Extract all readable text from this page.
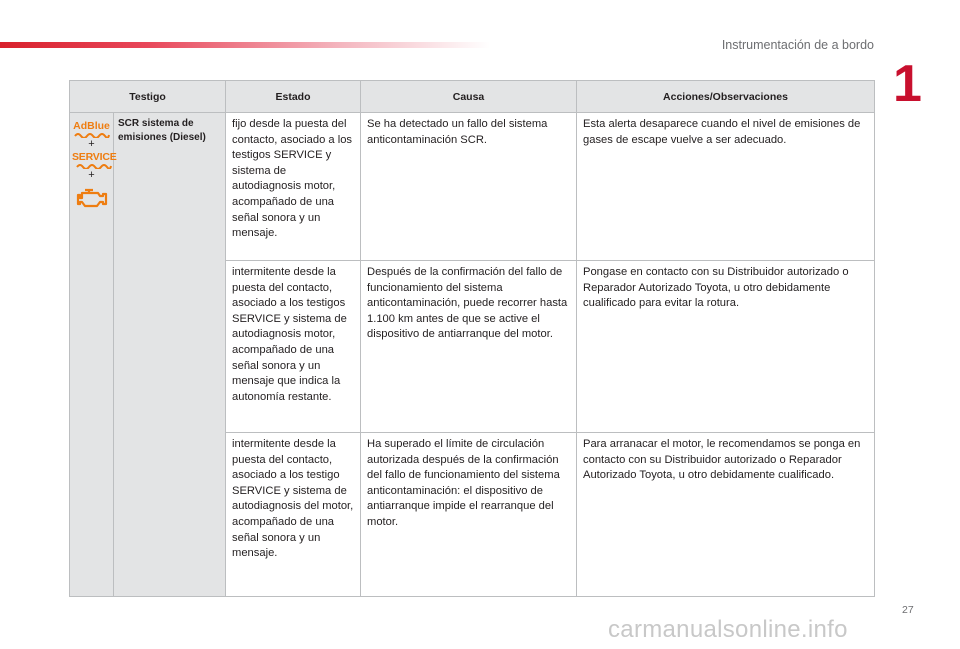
Instrumentación de a bordo
1
Testigo		Estado	Causa	Acciones/Observaciones
AdBlue
+
SERVICE
+	SCR sistema de emisiones (Diesel)	fijo desde la puesta del contacto, asociado a los testigos SERVICE y sistema de autodiagnosis motor, acompañado de una señal sonora y un mensaje.	Se ha detectado un fallo del sistema anticontaminación SCR.	Esta alerta desaparece cuando el nivel de emisiones de gases de escape vuelve a ser adecuado.
		intermitente desde la puesta del contacto, asociado a los testigos SERVICE y sistema de autodiagnosis motor, acompañado de una señal sonora y un mensaje que indica la autonomía restante.	Después de la confirmación del fallo de funcionamiento del sistema anticontaminación, puede recorrer hasta 1.100 km antes de que se active el dispositivo de antiarranque del motor.	Pongase en contacto con su Distribuidor autorizado o Reparador Autorizado Toyota, u otro debidamente cualificado para evitar la rotura.
		intermitente desde la puesta del contacto, asociado a los testigo SERVICE y sistema de autodiagnosis del motor, acompañado de una señal sonora y un mensaje.	Ha superado el límite de circulación autorizada después de la confirmación del fallo de funcionamiento del sistema anticontaminación: el dispositivo de antiarranque impide el rearranque del motor.	Para arranacar el motor, le recomendamos se ponga en contacto con su Distribuidor autorizado o Reparador Autorizado Toyota, u otro debidamente cualificado.
27
carmanualsonline.info
